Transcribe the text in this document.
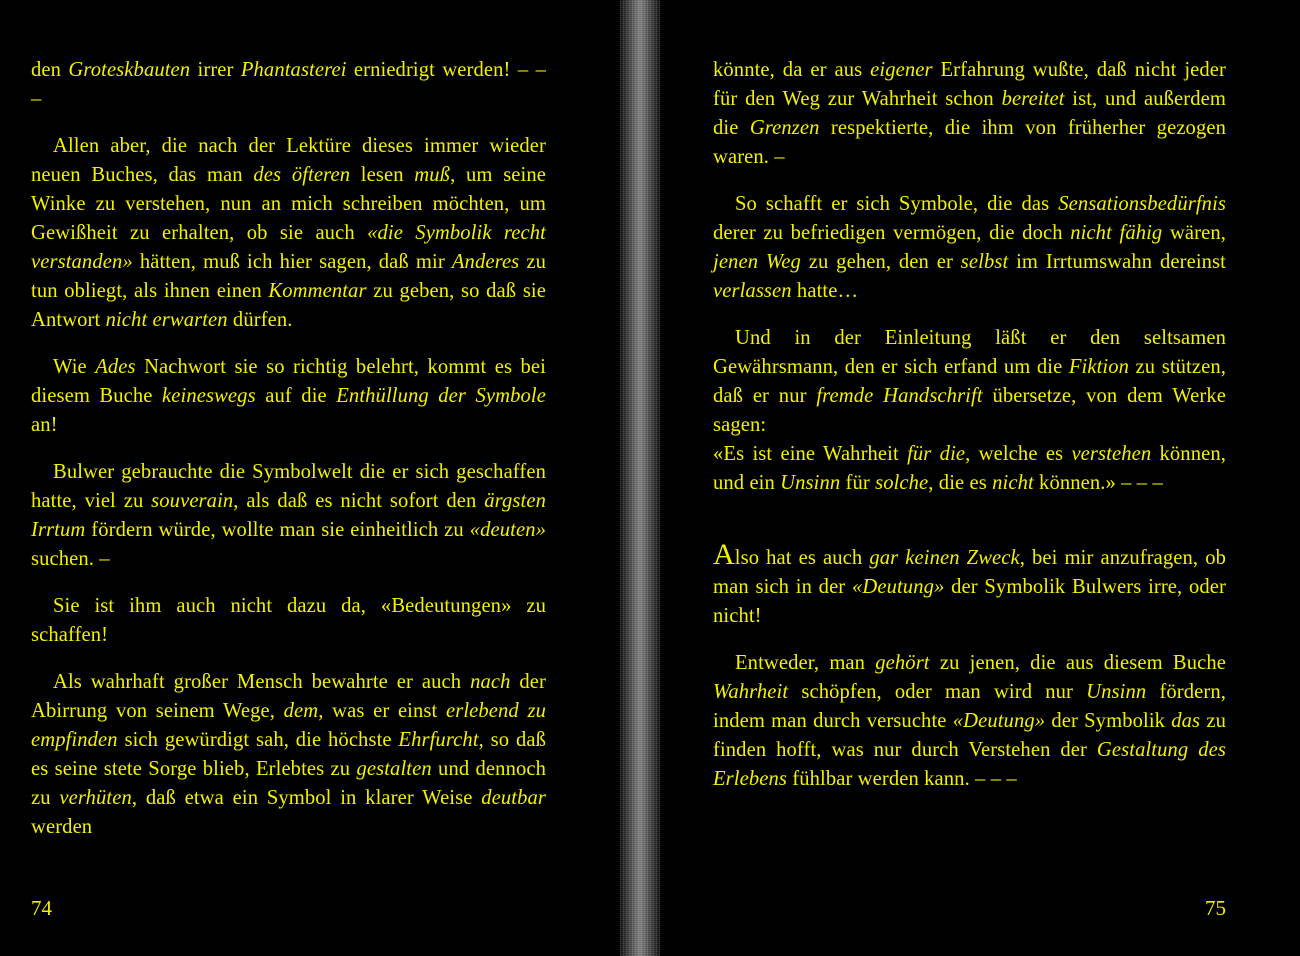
den Groteskbauten irrer Phantasterei erniedrigt werden! – – –

Allen aber, die nach der Lektüre dieses immer wieder neuen Buches, das man des öfteren lesen muß, um seine Winke zu verstehen, nun an mich schreiben möchten, um Gewißheit zu erhalten, ob sie auch «die Symbolik recht verstanden» hätten, muß ich hier sagen, daß mir Anderes zu tun obliegt, als ihnen einen Kommentar zu geben, so daß sie Antwort nicht erwarten dürfen.

Wie Ades Nachwort sie so richtig belehrt, kommt es bei diesem Buche keineswegs auf die Enthüllung der Symbole an!

Bulwer gebrauchte die Symbolwelt die er sich geschaffen hatte, viel zu souverain, als daß es nicht sofort den ärgsten Irrtum fördern würde, wollte man sie einheitlich zu «deuten» suchen. –

Sie ist ihm auch nicht dazu da, «Bedeutungen» zu schaffen!

Als wahrhaft großer Mensch bewahrte er auch nach der Abirrung von seinem Wege, dem, was er einst erlebend zu empfinden sich gewürdigt sah, die höchste Ehrfurcht, so daß es seine stete Sorge blieb, Erlebtes zu gestalten und dennoch zu verhüten, daß etwa ein Symbol in klarer Weise deutbar werden

74

könnte, da er aus eigener Erfahrung wußte, daß nicht jeder für den Weg zur Wahrheit schon bereitet ist, und außerdem die Grenzen respektierte, die ihm von früherher gezogen waren. –

So schafft er sich Symbole, die das Sensationsbedürfnis derer zu befriedigen vermögen, die doch nicht fähig wären, jenen Weg zu gehen, den er selbst im Irrtumswahn dereinst verlassen hatte…

Und in der Einleitung läßt er den seltsamen Gewährsmann, den er sich erfand um die Fiktion zu stützen, daß er nur fremde Handschrift übersetze, von dem Werke sagen:

«Es ist eine Wahrheit für die, welche es verstehen können, und ein Unsinn für solche, die es nicht können.» – – –

Also hat es auch gar keinen Zweck, bei mir anzufragen, ob man sich in der «Deutung» der Symbolik Bulwers irre, oder nicht!

Entweder, man gehört zu jenen, die aus diesem Buche Wahrheit schöpfen, oder man wird nur Unsinn fördern, indem man durch versuchte «Deutung» der Symbolik das zu finden hofft, was nur durch Verstehen der Gestaltung des Erlebens fühlbar werden kann. – – –

75
